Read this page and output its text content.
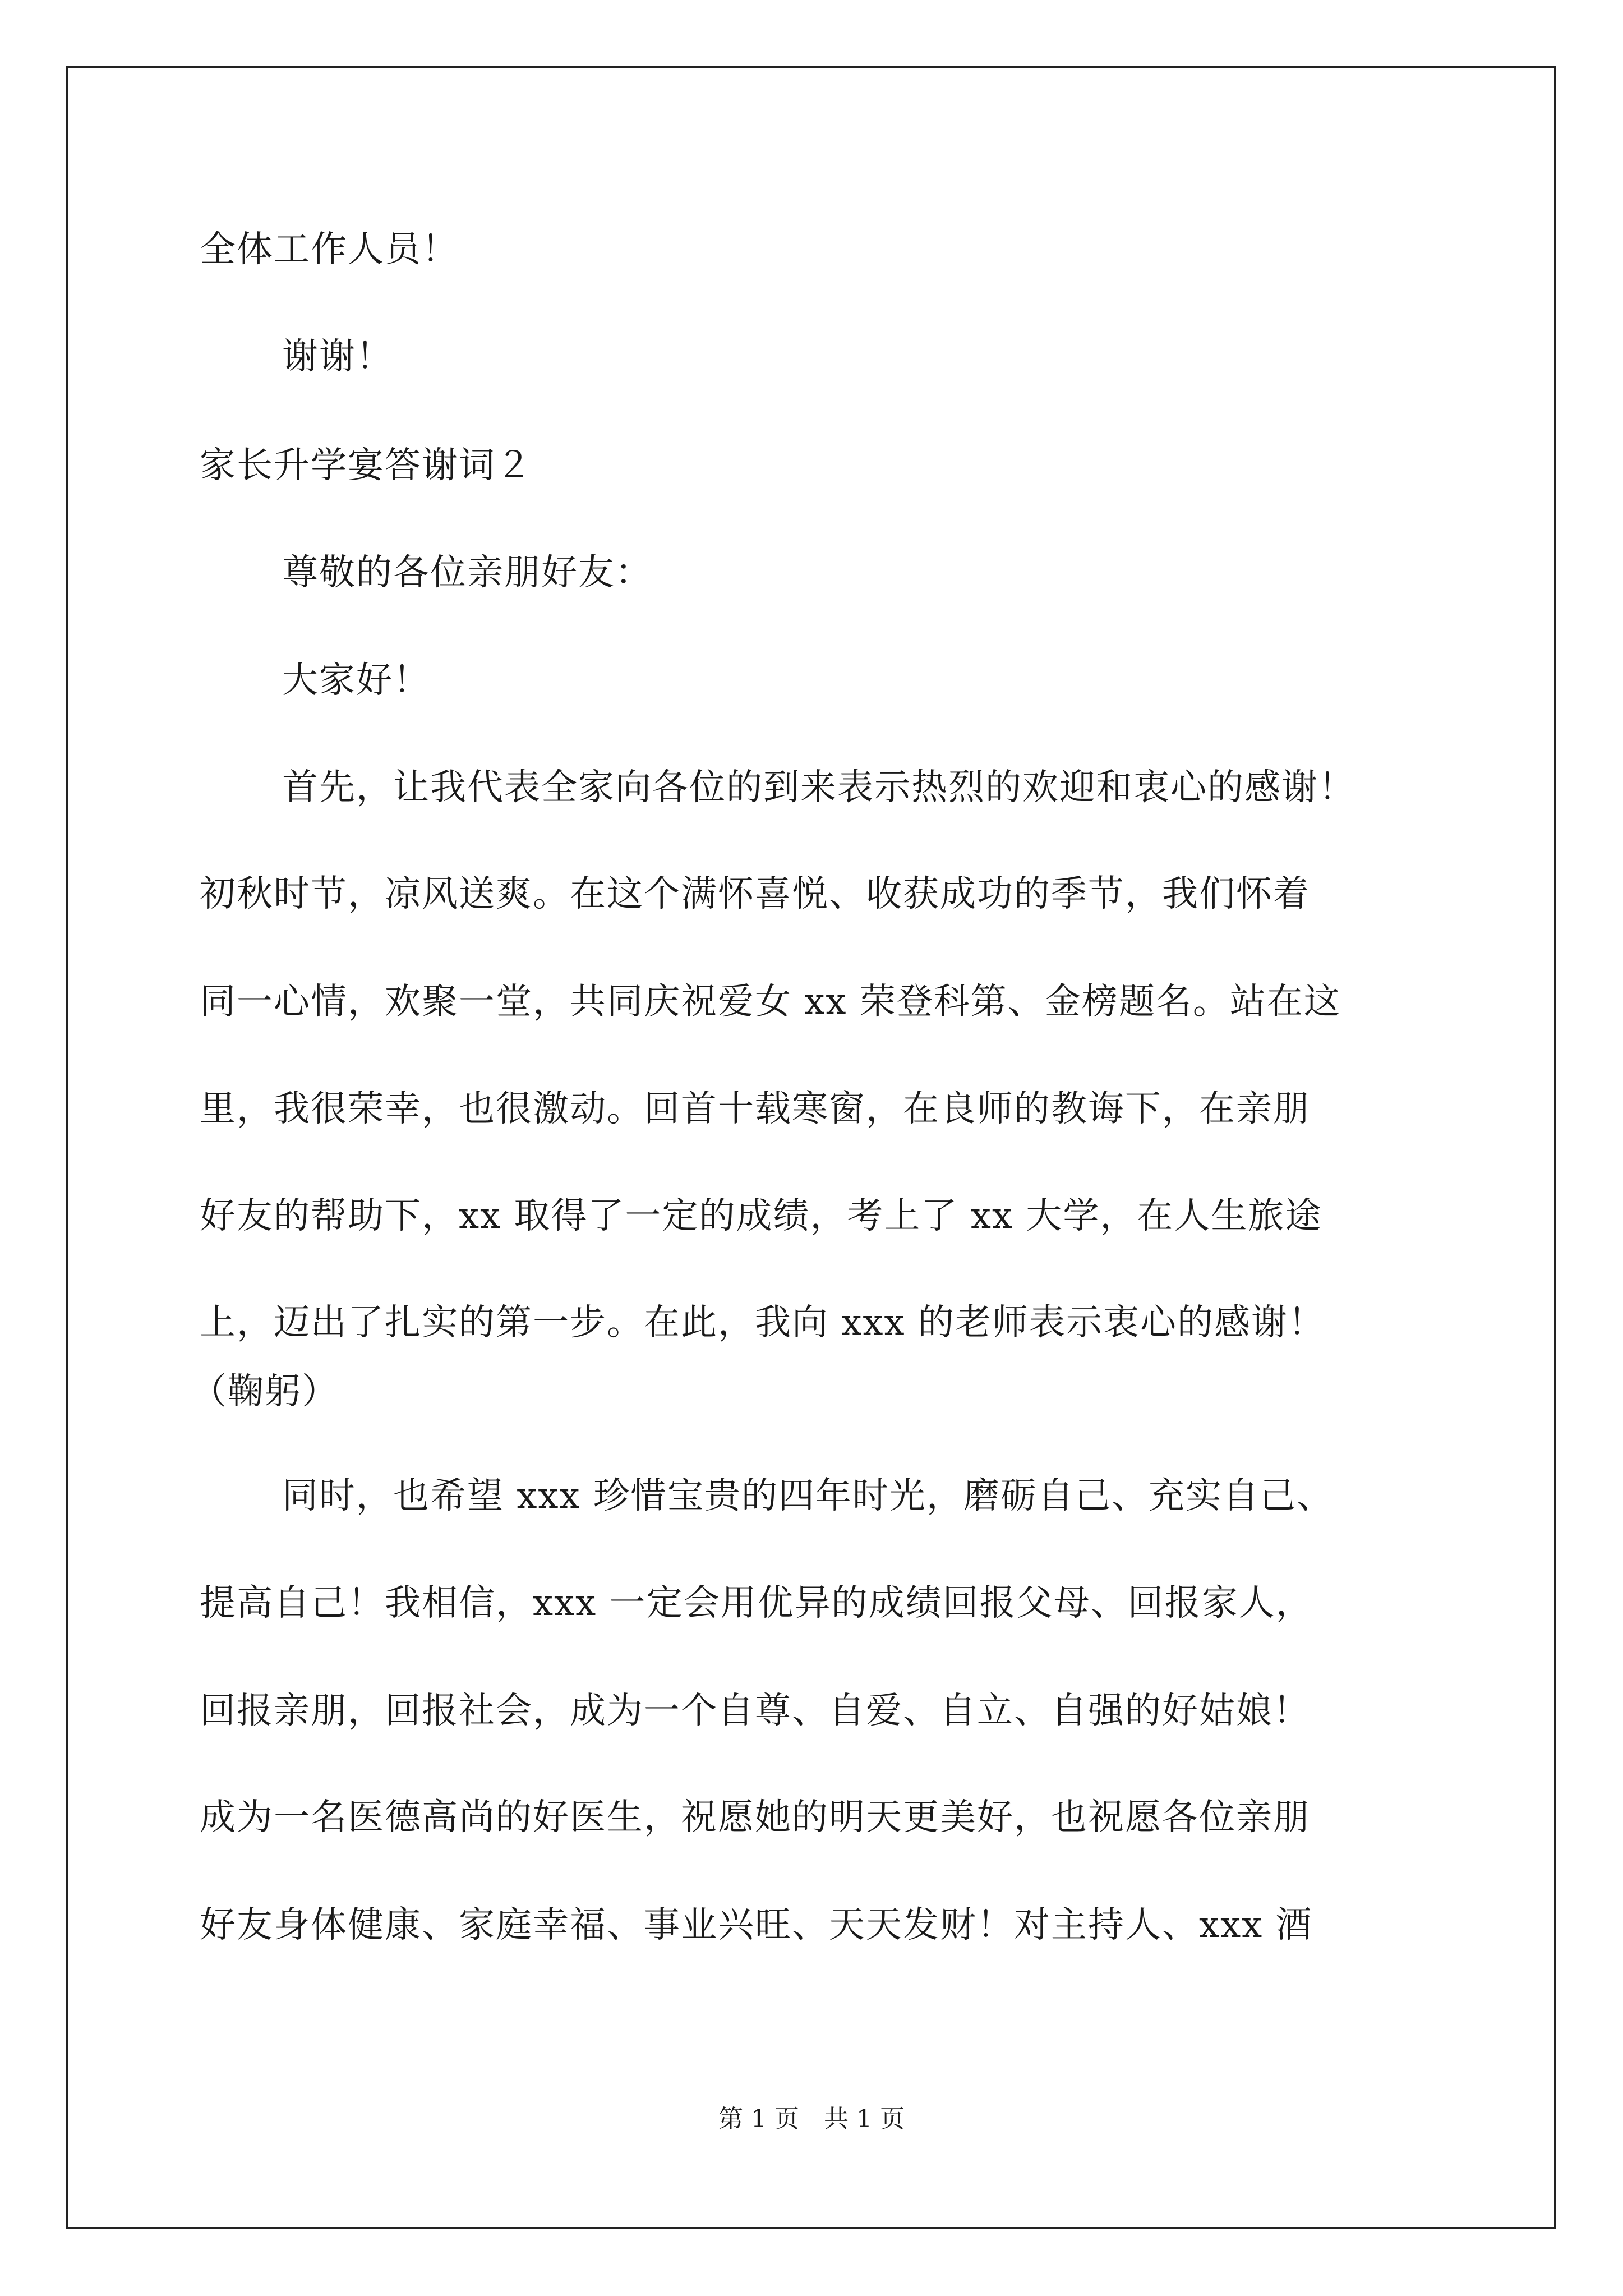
全体工作人员！
谢谢！
家长升学宴答谢词２
尊敬的各位亲朋好友：
大家好！
首先，让我代表全家向各位的到来表示热烈的欢迎和衷心的感谢！
初秋时节，凉风送爽。在这个满怀喜悦、收获成功的季节，我们怀着
同一心情，欢聚一堂，共同庆祝爱女 xx 荣登科第、金榜题名。站在这
里，我很荣幸，也很激动。回首十载寒窗，在良师的教诲下，在亲朋
好友的帮助下，xx 取得了一定的成绩，考上了 xx 大学，在人生旅途
上，迈出了扎实的第一步。在此，我向 xxx 的老师表示衷心的感谢！
（鞠躬）
同时，也希望 xxx 珍惜宝贵的四年时光，磨砺自己、充实自己、
提高自己！我相信，xxx 一定会用优异的成绩回报父母、回报家人，
回报亲朋，回报社会，成为一个自尊、自爱、自立、自强的好姑娘！
成为一名医德高尚的好医生，祝愿她的明天更美好，也祝愿各位亲朋
好友身体健康、家庭幸福、事业兴旺、天天发财！对主持人、xxx 酒
第 1 页　共 1 页
